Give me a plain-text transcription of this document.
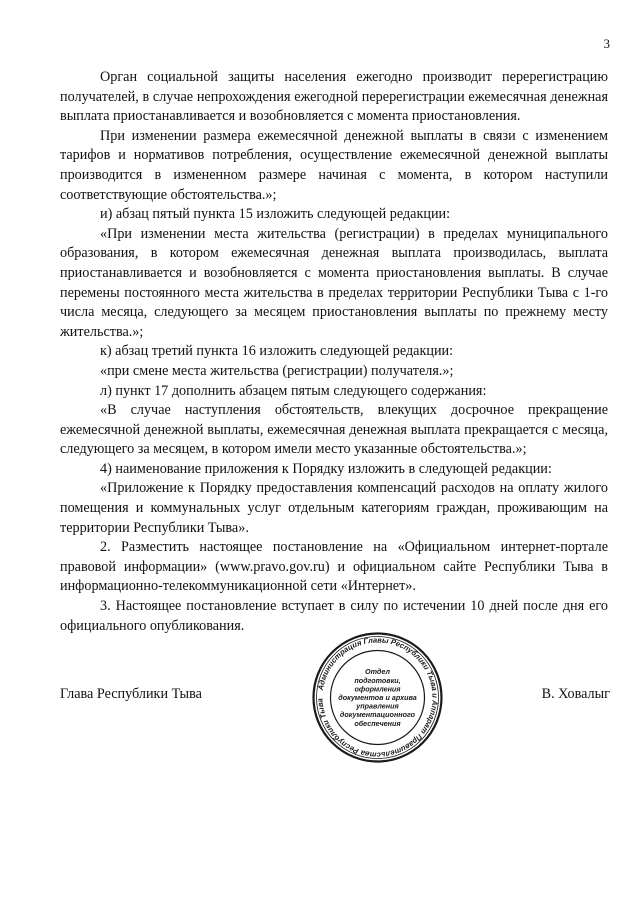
3

Орган социальной защиты населения ежегодно производит перерегистрацию получателей, в случае непрохождения ежегодной перерегистрации ежемесячная денежная выплата приостанавливается и возобновляется с момента приостановления.

При изменении размера ежемесячной денежной выплаты в связи с изменением тарифов и нормативов потребления, осуществление ежемесячной денежной выплаты производится в измененном размере начиная с момента, в котором наступили соответствующие обстоятельства.»;

и) абзац пятый пункта 15 изложить следующей редакции:

«При изменении места жительства (регистрации) в пределах муниципального образования, в котором ежемесячная денежная выплата производилась, выплата приостанавливается и возобновляется с момента приостановления выплаты. В случае перемены постоянного места жительства в пределах территории Республики Тыва с 1-го числа месяца, следующего за месяцем приостановления выплаты по прежнему месту жительства.»;

к) абзац третий пункта 16 изложить следующей редакции:

«при смене места жительства (регистрации) получателя.»;

л) пункт 17 дополнить абзацем пятым следующего содержания:

«В случае наступления обстоятельств, влекущих досрочное прекращение ежемесячной денежной выплаты, ежемесячная денежная выплата прекращается с месяца, следующего за месяцем, в котором имели место указанные обстоятельства.»;

4) наименование приложения к Порядку изложить в следующей редакции:

«Приложение к Порядку предоставления компенсаций расходов на оплату жилого помещения и коммунальных услуг отдельным категориям граждан, проживающим на территории Республики Тыва».

2. Разместить настоящее постановление на «Официальном интернет-портале правовой информации» (www.pravo.gov.ru) и официальном сайте Республики Тыва в информационно-телекоммуникационной сети «Интернет».

3. Настоящее постановление вступает в силу по истечении 10 дней после дня его официального опубликования.

Глава Республики Тыва	В. Ховалыг
Администрация Главы Республики Тыва и Аппарат Правительства Республики Тыва
Отдел
подготовки,
оформления
документов и архива
управления
документационного
обеспечения
